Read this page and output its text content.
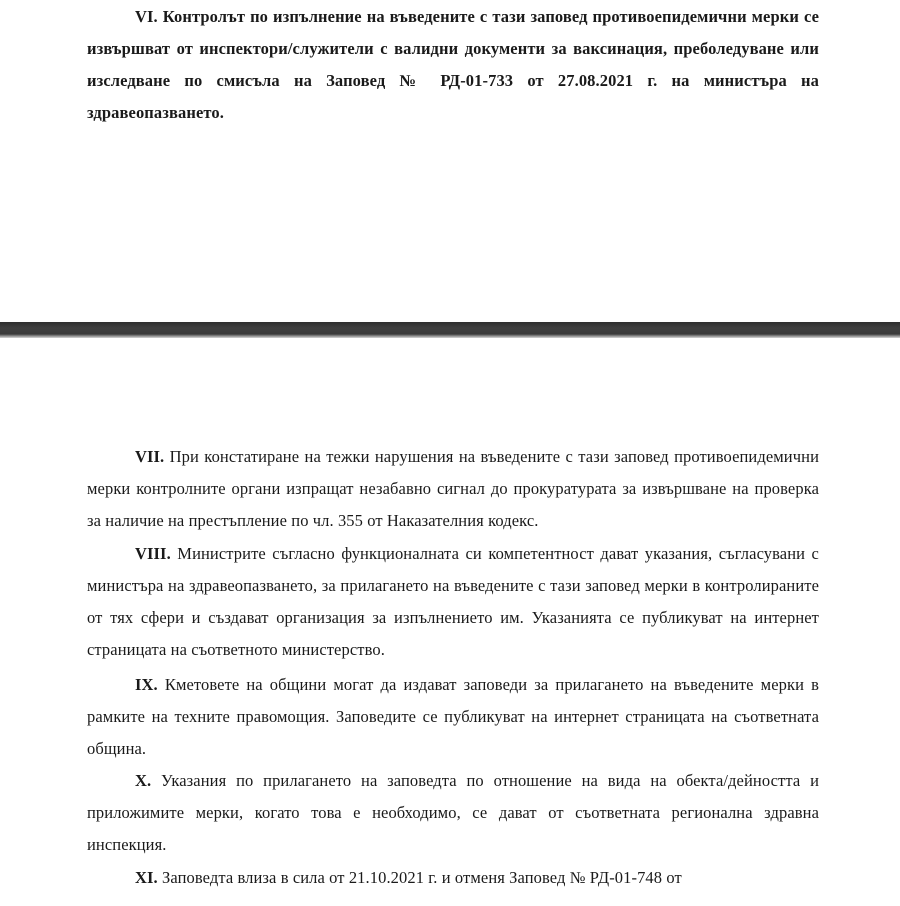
VI. Контролът по изпълнение на въведените с тази заповед противоепидемични мерки се извършват от инспектори/служители с валидни документи за ваксинация, преболедуване или изследване по смисъла на Заповед № РД-01-733 от 27.08.2021 г. на министъра на здравеопазването.

VII. При констатиране на тежки нарушения на въведените с тази заповед противоепидемични мерки контролните органи изпращат незабавно сигнал до прокуратурата за извършване на проверка за наличие на престъпление по чл. 355 от Наказателния кодекс.

VIII. Министрите съгласно функционалната си компетентност дават указания, съгласувани с министъра на здравеопазването, за прилагането на въведените с тази заповед мерки в контролираните от тях сфери и създават организация за изпълнението им. Указанията се публикуват на интернет страницата на съответното министерство.

IX. Кметовете на общини могат да издават заповеди за прилагането на въведените мерки в рамките на техните правомощия. Заповедите се публикуват на интернет страницата на съответната община.

X. Указания по прилагането на заповедта по отношение на вида на обекта/дейността и приложимите мерки, когато това е необходимо, се дават от съответната регионална здравна инспекция.

XI. Заповедта влиза в сила от 21.10.2021 г. и отменя Заповед № РД-01-748 от
